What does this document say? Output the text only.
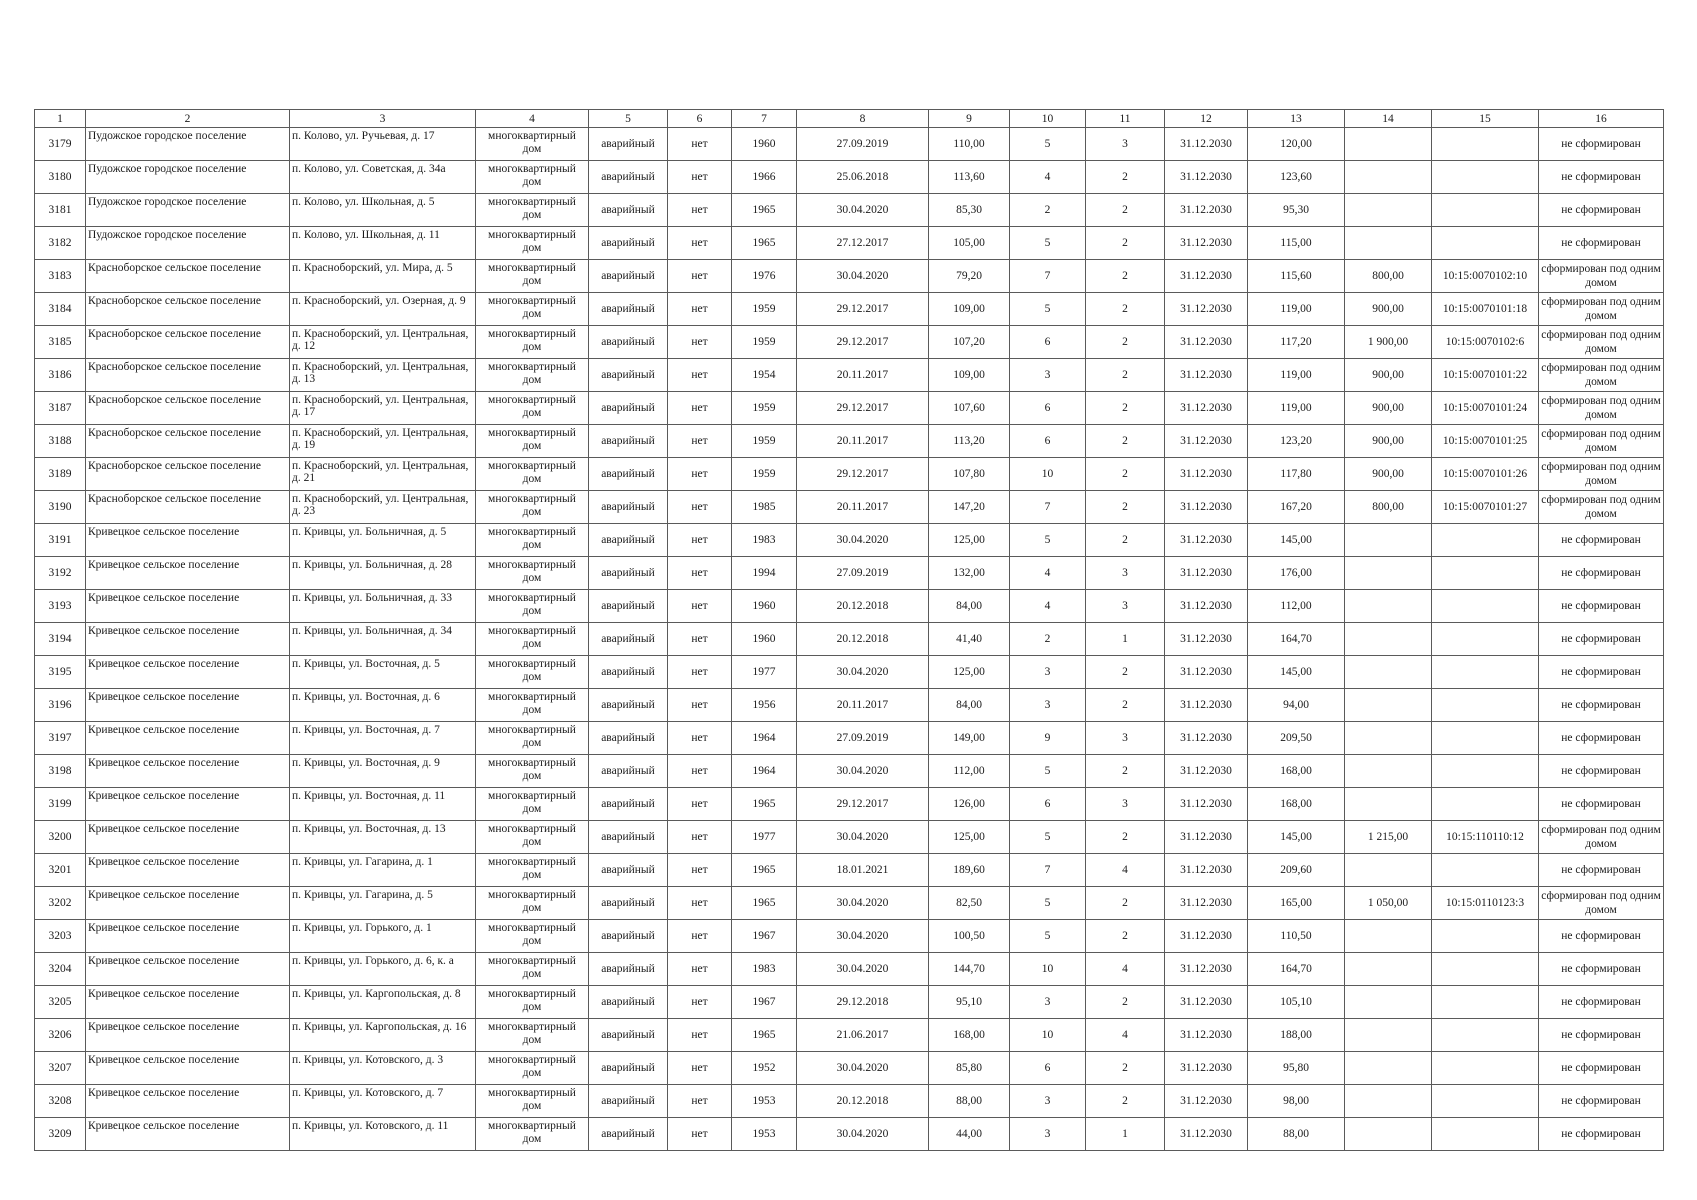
1	2	3	4	5	6	7	8	9	10	11	12	13	14	15	16
3179	Пудожское городское поселение	п. Колово, ул. Ручьевая, д. 17	многоквартирный дом	аварийный	нет	1960	27.09.2019	110,00	5	3	31.12.2030	120,00			не сформирован
3180	Пудожское городское поселение	п. Колово, ул. Советская, д. 34а	многоквартирный дом	аварийный	нет	1966	25.06.2018	113,60	4	2	31.12.2030	123,60			не сформирован
3181	Пудожское городское поселение	п. Колово, ул. Школьная, д. 5	многоквартирный дом	аварийный	нет	1965	30.04.2020	85,30	2	2	31.12.2030	95,30			не сформирован
3182	Пудожское городское поселение	п. Колово, ул. Школьная, д. 11	многоквартирный дом	аварийный	нет	1965	27.12.2017	105,00	5	2	31.12.2030	115,00			не сформирован
3183	Красноборское сельское поселение	п. Красноборский, ул. Мира, д. 5	многоквартирный дом	аварийный	нет	1976	30.04.2020	79,20	7	2	31.12.2030	115,60	800,00	10:15:0070102:10	сформирован под одним домом
3184	Красноборское сельское поселение	п. Красноборский, ул. Озерная, д. 9	многоквартирный дом	аварийный	нет	1959	29.12.2017	109,00	5	2	31.12.2030	119,00	900,00	10:15:0070101:18	сформирован под одним домом
3185	Красноборское сельское поселение	п. Красноборский, ул. Центральная, д. 12	многоквартирный дом	аварийный	нет	1959	29.12.2017	107,20	6	2	31.12.2030	117,20	1 900,00	10:15:0070102:6	сформирован под одним домом
3186	Красноборское сельское поселение	п. Красноборский, ул. Центральная, д. 13	многоквартирный дом	аварийный	нет	1954	20.11.2017	109,00	3	2	31.12.2030	119,00	900,00	10:15:0070101:22	сформирован под одним домом
3187	Красноборское сельское поселение	п. Красноборский, ул. Центральная, д. 17	многоквартирный дом	аварийный	нет	1959	29.12.2017	107,60	6	2	31.12.2030	119,00	900,00	10:15:0070101:24	сформирован под одним домом
3188	Красноборское сельское поселение	п. Красноборский, ул. Центральная, д. 19	многоквартирный дом	аварийный	нет	1959	20.11.2017	113,20	6	2	31.12.2030	123,20	900,00	10:15:0070101:25	сформирован под одним домом
3189	Красноборское сельское поселение	п. Красноборский, ул. Центральная, д. 21	многоквартирный дом	аварийный	нет	1959	29.12.2017	107,80	10	2	31.12.2030	117,80	900,00	10:15:0070101:26	сформирован под одним домом
3190	Красноборское сельское поселение	п. Красноборский, ул. Центральная, д. 23	многоквартирный дом	аварийный	нет	1985	20.11.2017	147,20	7	2	31.12.2030	167,20	800,00	10:15:0070101:27	сформирован под одним домом
3191	Кривецкое сельское поселение	п. Кривцы, ул. Больничная, д. 5	многоквартирный дом	аварийный	нет	1983	30.04.2020	125,00	5	2	31.12.2030	145,00			не сформирован
3192	Кривецкое сельское поселение	п. Кривцы, ул. Больничная, д. 28	многоквартирный дом	аварийный	нет	1994	27.09.2019	132,00	4	3	31.12.2030	176,00			не сформирован
3193	Кривецкое сельское поселение	п. Кривцы, ул. Больничная, д. 33	многоквартирный дом	аварийный	нет	1960	20.12.2018	84,00	4	3	31.12.2030	112,00			не сформирован
3194	Кривецкое сельское поселение	п. Кривцы, ул. Больничная, д. 34	многоквартирный дом	аварийный	нет	1960	20.12.2018	41,40	2	1	31.12.2030	164,70			не сформирован
3195	Кривецкое сельское поселение	п. Кривцы, ул. Восточная, д. 5	многоквартирный дом	аварийный	нет	1977	30.04.2020	125,00	3	2	31.12.2030	145,00			не сформирован
3196	Кривецкое сельское поселение	п. Кривцы, ул. Восточная, д. 6	многоквартирный дом	аварийный	нет	1956	20.11.2017	84,00	3	2	31.12.2030	94,00			не сформирован
3197	Кривецкое сельское поселение	п. Кривцы, ул. Восточная, д. 7	многоквартирный дом	аварийный	нет	1964	27.09.2019	149,00	9	3	31.12.2030	209,50			не сформирован
3198	Кривецкое сельское поселение	п. Кривцы, ул. Восточная, д. 9	многоквартирный дом	аварийный	нет	1964	30.04.2020	112,00	5	2	31.12.2030	168,00			не сформирован
3199	Кривецкое сельское поселение	п. Кривцы, ул. Восточная, д. 11	многоквартирный дом	аварийный	нет	1965	29.12.2017	126,00	6	3	31.12.2030	168,00			не сформирован
3200	Кривецкое сельское поселение	п. Кривцы, ул. Восточная, д. 13	многоквартирный дом	аварийный	нет	1977	30.04.2020	125,00	5	2	31.12.2030	145,00	1 215,00	10:15:110110:12	сформирован под одним домом
3201	Кривецкое сельское поселение	п. Кривцы, ул. Гагарина, д. 1	многоквартирный дом	аварийный	нет	1965	18.01.2021	189,60	7	4	31.12.2030	209,60			не сформирован
3202	Кривецкое сельское поселение	п. Кривцы, ул. Гагарина, д. 5	многоквартирный дом	аварийный	нет	1965	30.04.2020	82,50	5	2	31.12.2030	165,00	1 050,00	10:15:0110123:3	сформирован под одним домом
3203	Кривецкое сельское поселение	п. Кривцы, ул. Горького, д. 1	многоквартирный дом	аварийный	нет	1967	30.04.2020	100,50	5	2	31.12.2030	110,50			не сформирован
3204	Кривецкое сельское поселение	п. Кривцы, ул. Горького, д. 6, к. а	многоквартирный дом	аварийный	нет	1983	30.04.2020	144,70	10	4	31.12.2030	164,70			не сформирован
3205	Кривецкое сельское поселение	п. Кривцы, ул. Каргопольская, д. 8	многоквартирный дом	аварийный	нет	1967	29.12.2018	95,10	3	2	31.12.2030	105,10			не сформирован
3206	Кривецкое сельское поселение	п. Кривцы, ул. Каргопольская, д. 16	многоквартирный дом	аварийный	нет	1965	21.06.2017	168,00	10	4	31.12.2030	188,00			не сформирован
3207	Кривецкое сельское поселение	п. Кривцы, ул. Котовского, д. 3	многоквартирный дом	аварийный	нет	1952	30.04.2020	85,80	6	2	31.12.2030	95,80			не сформирован
3208	Кривецкое сельское поселение	п. Кривцы, ул. Котовского, д. 7	многоквартирный дом	аварийный	нет	1953	20.12.2018	88,00	3	2	31.12.2030	98,00			не сформирован
3209	Кривецкое сельское поселение	п. Кривцы, ул. Котовского, д. 11	многоквартирный дом	аварийный	нет	1953	30.04.2020	44,00	3	1	31.12.2030	88,00			не сформирован
